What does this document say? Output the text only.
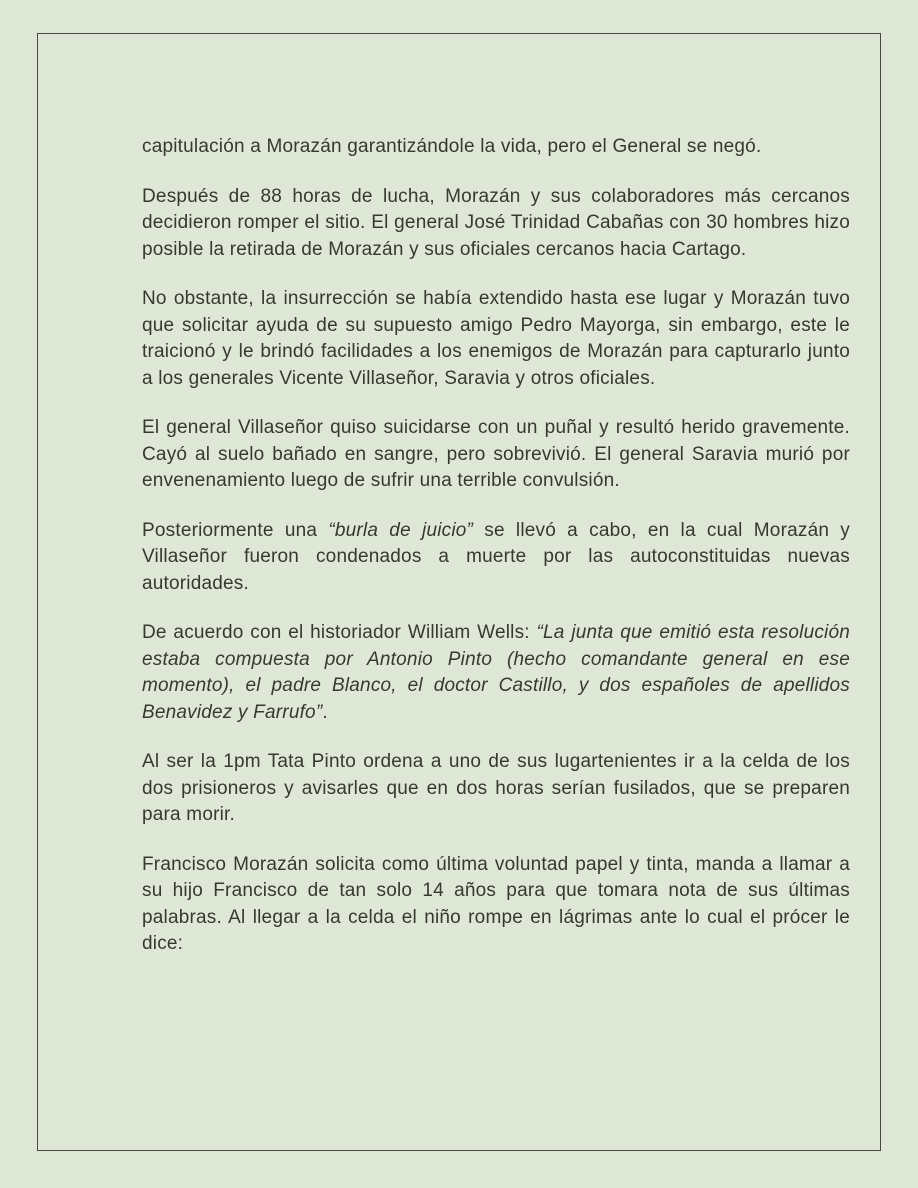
capitulación a Morazán garantizándole la vida, pero el General se negó.

Después de 88 horas de lucha, Morazán y sus colaboradores más cercanos decidieron romper el sitio. El general José Trinidad Cabañas con 30 hombres hizo posible la retirada de Morazán y sus oficiales cercanos hacia Cartago.

No obstante, la insurrección se había extendido hasta ese lugar y Morazán tuvo que solicitar ayuda de su supuesto amigo Pedro Mayorga, sin embargo, este le traicionó y le brindó facilidades a los enemigos de Morazán para capturarlo junto a los generales Vicente Villaseñor, Saravia y otros oficiales.

El general Villaseñor quiso suicidarse con un puñal y resultó herido gravemente. Cayó al suelo bañado en sangre, pero sobrevivió. El general Saravia murió por envenenamiento luego de sufrir una terrible convulsión.

Posteriormente una “burla de juicio” se llevó a cabo, en la cual Morazán y Villaseñor fueron condenados a muerte por las autoconstituidas nuevas autoridades.

De acuerdo con el historiador William Wells: “La junta que emitió esta resolución estaba compuesta por Antonio Pinto (hecho comandante general en ese momento), el padre Blanco, el doctor Castillo, y dos españoles de apellidos Benavidez y Farrufo”.

Al ser la 1pm Tata Pinto ordena a uno de sus lugartenientes ir a la celda de los dos prisioneros y avisarles que en dos horas serían fusilados, que se preparen para morir.

Francisco Morazán solicita como última voluntad papel y tinta, manda a llamar a su hijo Francisco de tan solo 14 años para que tomara nota de sus últimas palabras. Al llegar a la celda el niño rompe en lágrimas ante lo cual el prócer le dice:
